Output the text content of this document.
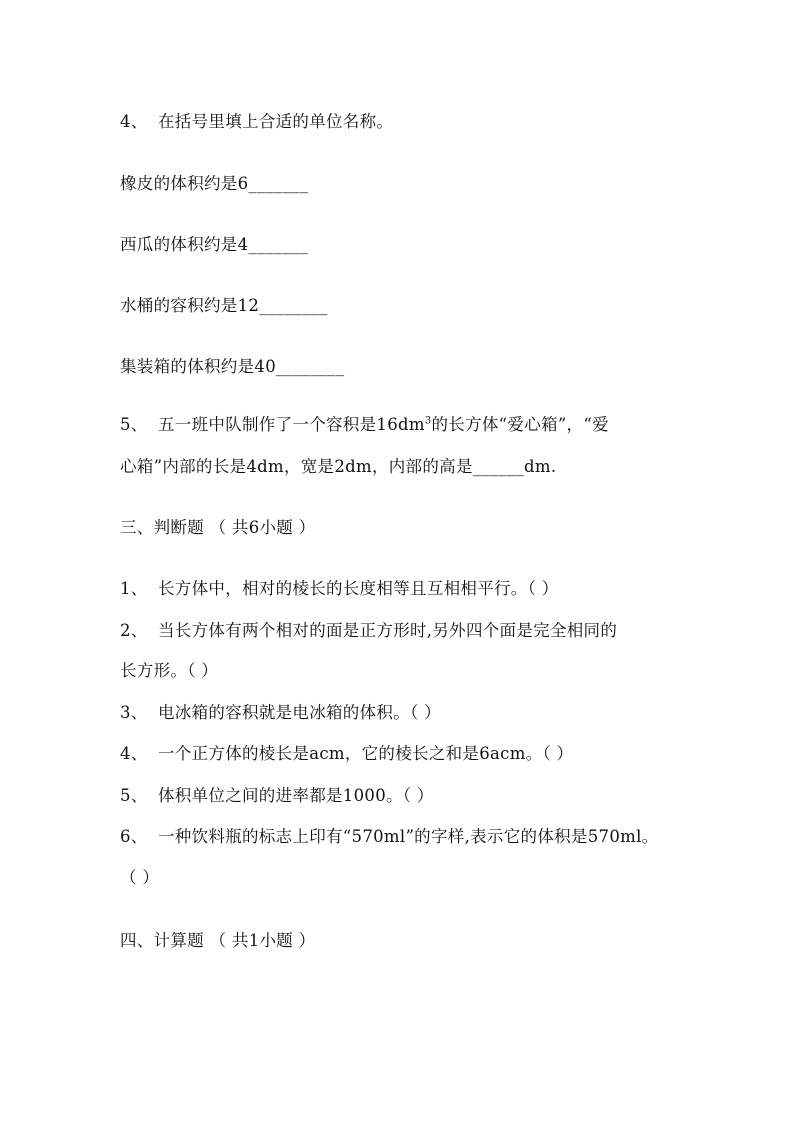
4、 在括号里填上合适的单位名称。
橡皮的体积约是6_______
西瓜的体积约是4_______
水桶的容积约是12________
集装箱的体积约是40________
5、 五一班中队制作了一个容积是$16dm^3$的长方体“爱心箱”，“爱
心箱”内部的长是4dm，宽是2dm，内部的高是______dm.
三、判断题 （ 共6小题 ）
1、 长方体中，相对的棱长的长度相等且互相相平行。（ ）
2、 当长方体有两个相对的面是正方形时,另外四个面是完全相同的
长方形。（ ）
3、 电冰箱的容积就是电冰箱的体积。（ ）
4、 一个正方体的棱长是acm，它的棱长之和是6acm。（ ）
5、 体积单位之间的进率都是1000。（ ）
6、 一种饮料瓶的标志上印有“570ml”的字样,表示它的体积是570ml。
（ ）
四、计算题 （ 共1小题 ）
